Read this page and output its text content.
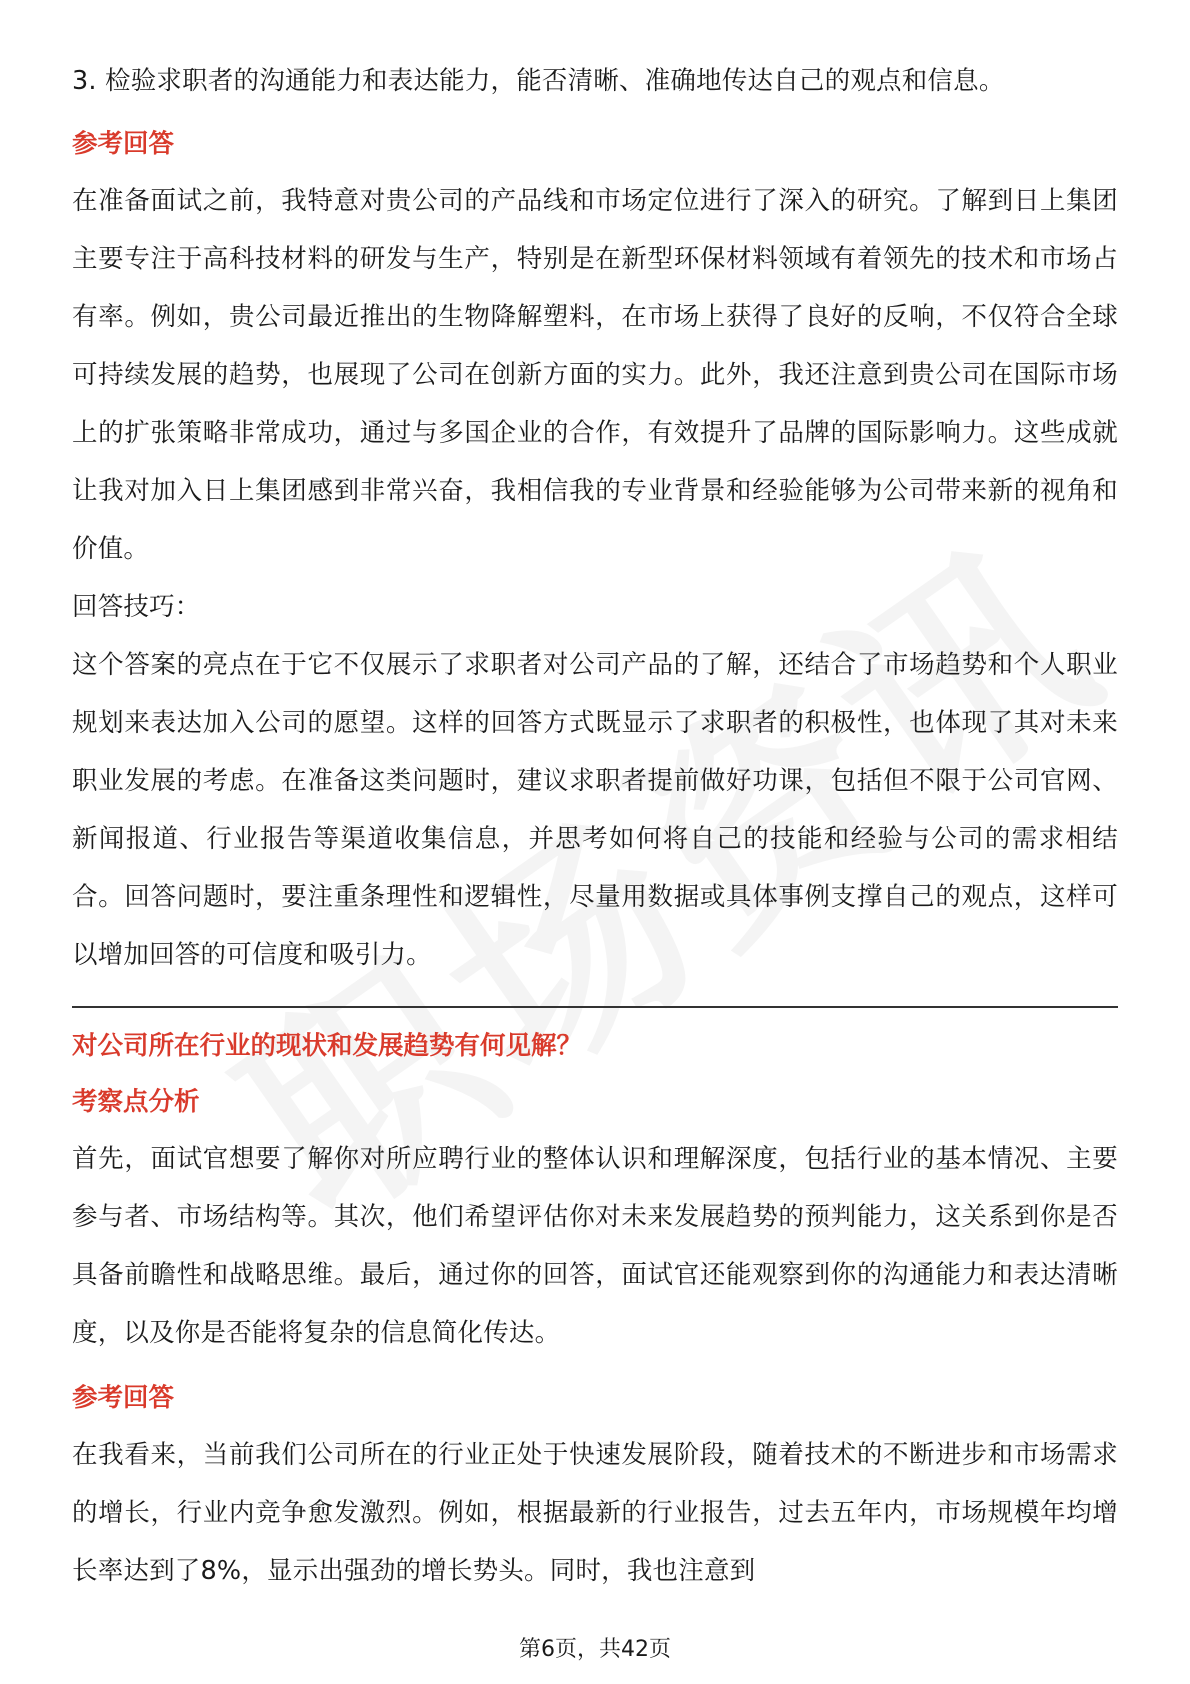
3. 检验求职者的沟通能力和表达能力，能否清晰、准确地传达自己的观点和信息。

参考回答

在准备面试之前，我特意对贵公司的产品线和市场定位进行了深入的研究。了解到日上集团主要专注于高科技材料的研发与生产，特别是在新型环保材料领域有着领先的技术和市场占有率。例如，贵公司最近推出的生物降解塑料，在市场上获得了良好的反响，不仅符合全球可持续发展的趋势，也展现了公司在创新方面的实力。此外，我还注意到贵公司在国际市场上的扩张策略非常成功，通过与多国企业的合作，有效提升了品牌的国际影响力。这些成就让我对加入日上集团感到非常兴奋，我相信我的专业背景和经验能够为公司带来新的视角和价值。

回答技巧：

这个答案的亮点在于它不仅展示了求职者对公司产品的了解，还结合了市场趋势和个人职业规划来表达加入公司的愿望。这样的回答方式既显示了求职者的积极性，也体现了其对未来职业发展的考虑。在准备这类问题时，建议求职者提前做好功课，包括但不限于公司官网、新闻报道、行业报告等渠道收集信息，并思考如何将自己的技能和经验与公司的需求相结合。回答问题时，要注重条理性和逻辑性，尽量用数据或具体事例支撑自己的观点，这样可以增加回答的可信度和吸引力。

对公司所在行业的现状和发展趋势有何见解？

考察点分析

首先，面试官想要了解你对所应聘行业的整体认识和理解深度，包括行业的基本情况、主要参与者、市场结构等。其次，他们希望评估你对未来发展趋势的预判能力，这关系到你是否具备前瞻性和战略思维。最后，通过你的回答，面试官还能观察到你的沟通能力和表达清晰度，以及你是否能将复杂的信息简化传达。

参考回答

在我看来，当前我们公司所在的行业正处于快速发展阶段，随着技术的不断进步和市场需求的增长，行业内竞争愈发激烈。例如，根据最新的行业报告，过去五年内，市场规模年均增长率达到了8%，显示出强劲的增长势头。同时，我也注意到

第6页，共42页
